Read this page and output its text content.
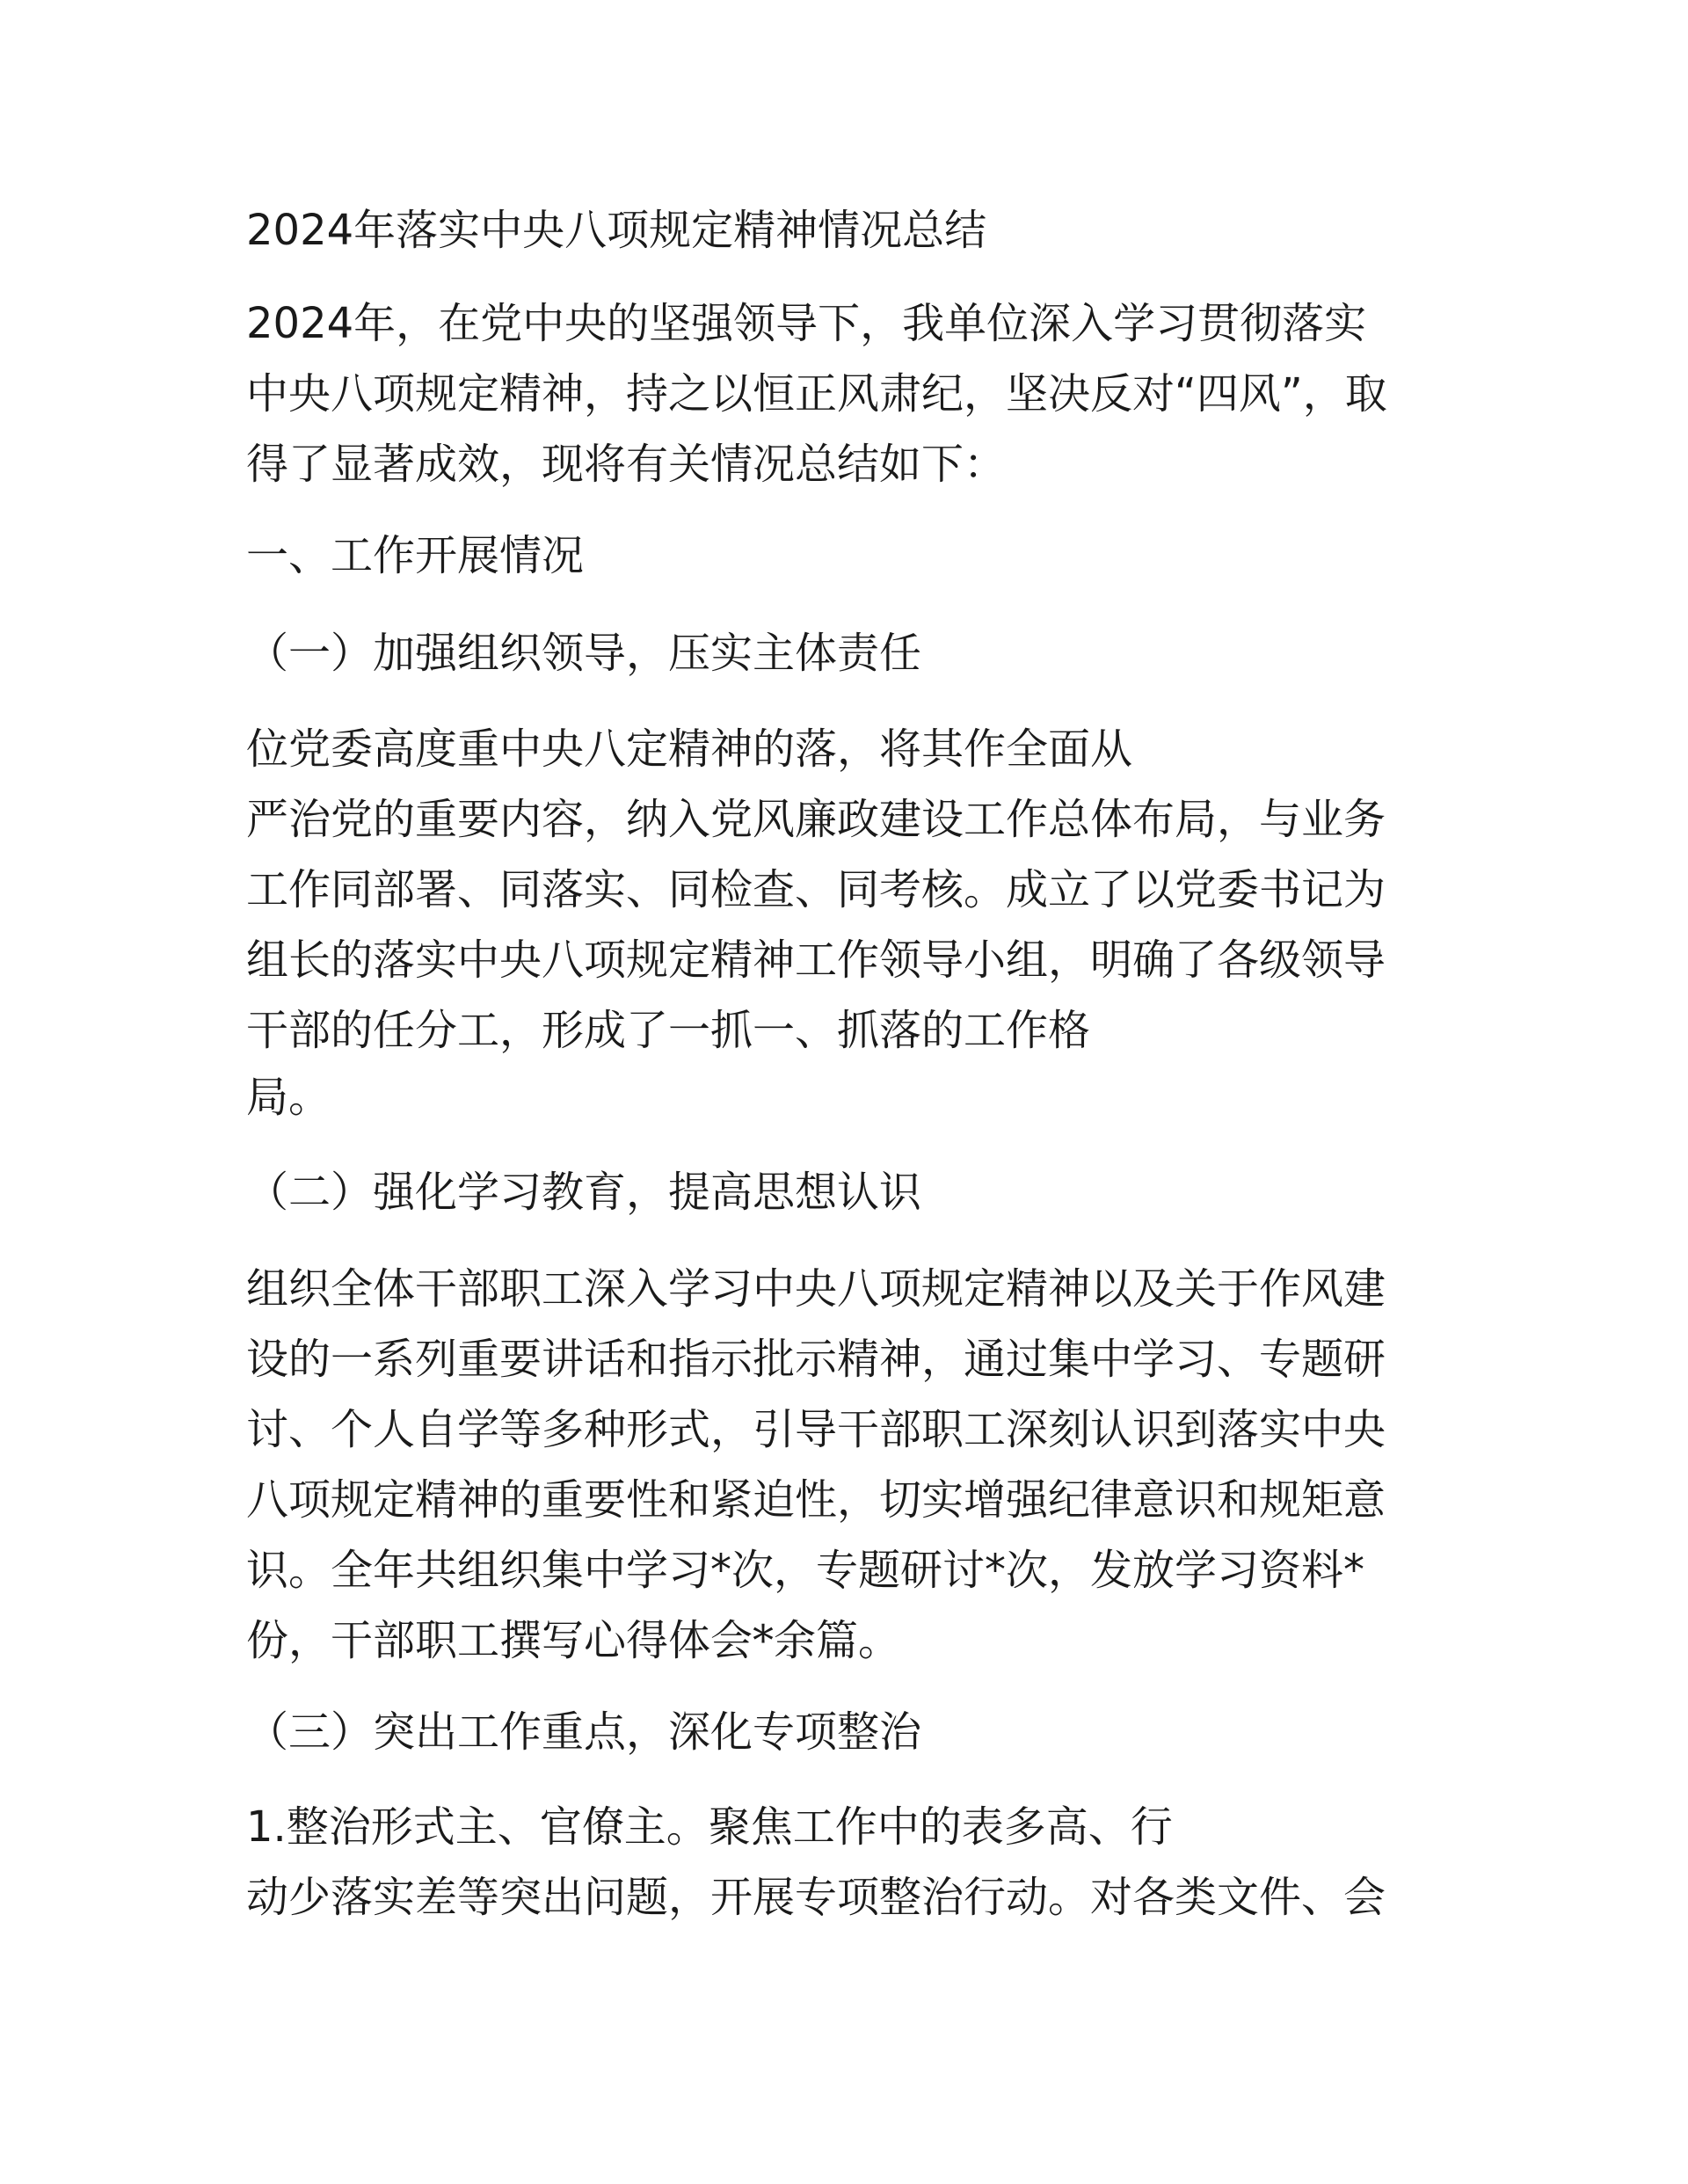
2024年落实中央八项规定精神情况总结

2024年，在党中央的坚强领导下，我单位深入学习贯彻落实

中央八项规定精神，持之以恒正风肃纪，坚决反对“四风”，取

得了显著成效，现将有关情况总结如下：

一、工作开展情况

（一）加强组织领导，压实主体责任

位党委高度重中央八定精神的落，将其作全面从

严治党的重要内容，纳入党风廉政建设工作总体布局，与业务

工作同部署、同落实、同检查、同考核。成立了以党委书记为

组长的落实中央八项规定精神工作领导小组，明确了各级领导

干部的任分工，形成了一抓一、抓落的工作格

局。

（二）强化学习教育，提高思想认识

组织全体干部职工深入学习中央八项规定精神以及关于作风建

设的一系列重要讲话和指示批示精神，通过集中学习、专题研

讨、个人自学等多种形式，引导干部职工深刻认识到落实中央

八项规定精神的重要性和紧迫性，切实增强纪律意识和规矩意

识。全年共组织集中学习*次，专题研讨*次，发放学习资料*

份，干部职工撰写心得体会*余篇。

（三）突出工作重点，深化专项整治

1.整治形式主、官僚主。聚焦工作中的表多高、行

动少落实差等突出问题，开展专项整治行动。对各类文件、会
